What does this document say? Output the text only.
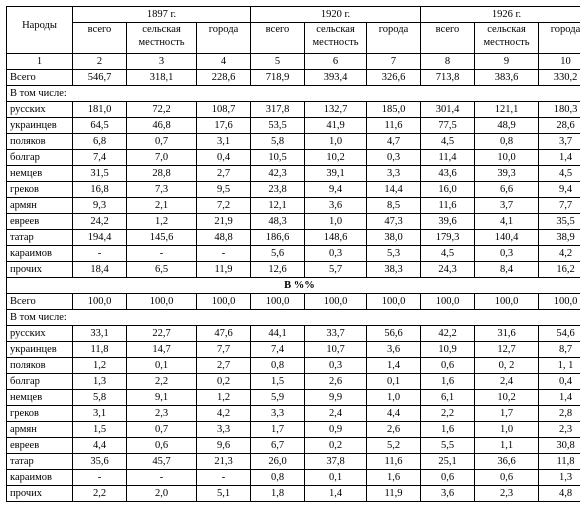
Народы	1897 г.			1920 г.			1926 г.		
	всего	сельская местность	города	всего	сельская местность	города	всего	сельская местность	города
1	2	3	4	5	6	7	8	9	10
Всего	546,7	318,1	228,6	718,9	393,4	326,6	713,8	383,6	330,2
В том числе:									
русских	181,0	72,2	108,7	317,8	132,7	185,0	301,4	121,1	180,3
украинцев	64,5	46,8	17,6	53,5	41,9	11,6	77,5	48,9	28,6
поляков	6,8	0,7	3,1	5,8	1,0	4,7	4,5	0,8	3,7
болгар	7,4	7,0	0,4	10,5	10,2	0,3	11,4	10,0	1,4
немцев	31,5	28,8	2,7	42,3	39,1	3,3	43,6	39,3	4,5
греков	16,8	7,3	9,5	23,8	9,4	14,4	16,0	6,6	9,4
армян	9,3	2,1	7,2	12,1	3,6	8,5	11,6	3,7	7,7
евреев	24,2	1,2	21,9	48,3	1,0	47,3	39,6	4,1	35,5
татар	194,4	145,6	48,8	186,6	148,6	38,0	179,3	140,4	38,9
караимов	-	-	-	5,6	0,3	5,3	4,5	0,3	4,2
прочих	18,4	6,5	11,9	12,6	5,7	38,3	24,3	8,4	16,2
В %%									
Всего	100,0	100,0	100,0	100,0	100,0	100,0	100,0	100,0	100,0
В том числе:									
русских	33,1	22,7	47,6	44,1	33,7	56,6	42,2	31,6	54,6
украинцев	11,8	14,7	7,7	7,4	10,7	3,6	10,9	12,7	8,7
поляков	1,2	0,1	2,7	0,8	0,3	1,4	0,6	0, 2	1, 1
болгар	1,3	2,2	0,2	1,5	2,6	0,1	1,6	2,4	0,4
немцев	5,8	9,1	1,2	5,9	9,9	1,0	6,1	10,2	1,4
греков	3,1	2,3	4,2	3,3	2,4	4,4	2,2	1,7	2,8
армян	1,5	0,7	3,3	1,7	0,9	2,6	1,6	1,0	2,3
евреев	4,4	0,6	9,6	6,7	0,2	5,2	5,5	1,1	30,8
татар	35,6	45,7	21,3	26,0	37,8	11,6	25,1	36,6	11,8
караимов	-	-	-	0,8	0,1	1,6	0,6	0,6	1,3
прочих	2,2	2,0	5,1	1,8	1,4	11,9	3,6	2,3	4,8
